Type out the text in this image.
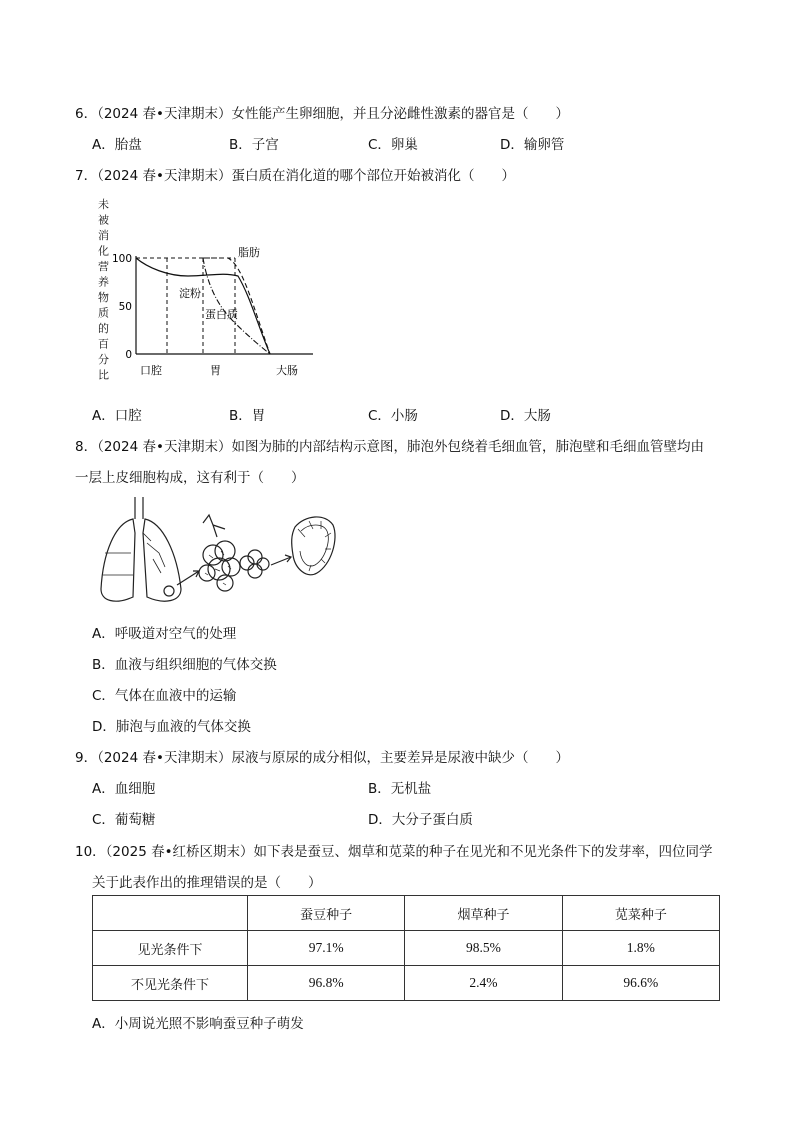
6．（2024 春•天津期末）女性能产生卵细胞，并且分泌雌性激素的器官是（　　）
A．胎盘	B．子宫	C．卵巢	D．输卵管
7．（2024 春•天津期末）蛋白质在消化道的哪个部位开始被消化（　　）
未
被
消
化
营
养
物
质
的
百
分
比
100
50
0
脂肪
淀粉
蛋白质
口腔	胃	大肠
A．口腔	B．胃	C．小肠	D．大肠
8．（2024 春•天津期末）如图为肺的内部结构示意图，肺泡外包绕着毛细血管，肺泡壁和毛细血管壁均由
一层上皮细胞构成，这有利于（　　）
A．呼吸道对空气的处理
B．血液与组织细胞的气体交换
C．气体在血液中的运输
D．肺泡与血液的气体交换
9．（2024 春•天津期末）尿液与原尿的成分相似，主要差异是尿液中缺少（　　）
A．血细胞	B．无机盐
C．葡萄糖	D．大分子蛋白质
10．（2025 春•红桥区期末）如下表是蚕豆、烟草和苋菜的种子在见光和不见光条件下的发芽率，四位同学
关于此表作出的推理错误的是（　　）
	蚕豆种子	烟草种子	苋菜种子
见光条件下	97.1%	98.5%	1.8%
不见光条件下	96.8%	2.4%	96.6%
A．小周说光照不影响蚕豆种子萌发
